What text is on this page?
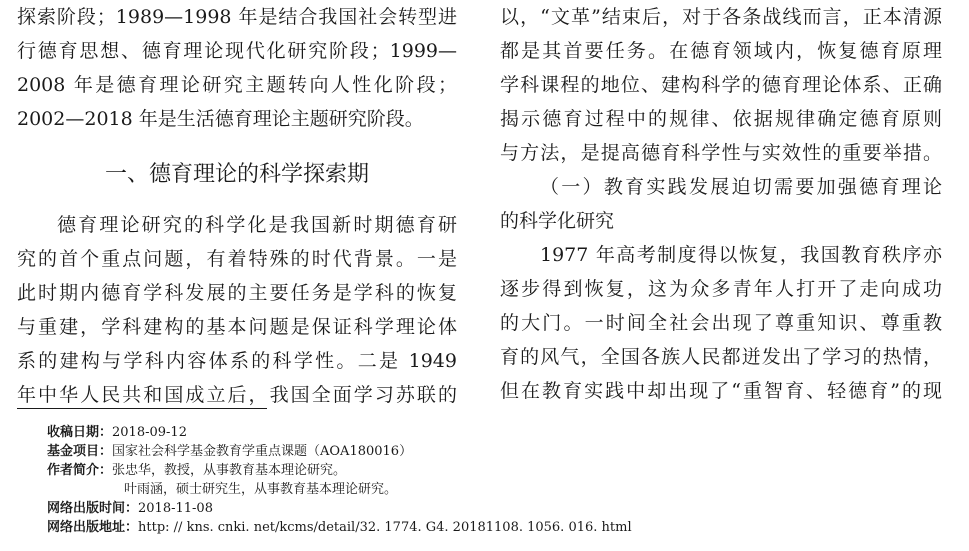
探索阶段；1989—1998 年是结合我国社会转型进
行德育思想、德育理论现代化研究阶段；1999—
2008 年是德育理论研究主题转向人性化阶段；
2002—2018 年是生活德育理论主题研究阶段。
一、德育理论的科学探索期
德育理论研究的科学化是我国新时期德育研
究的首个重点问题，有着特殊的时代背景。一是
此时期内德育学科发展的主要任务是学科的恢复
与重建，学科建构的基本问题是保证科学理论体
系的建构与学科内容体系的科学性。二是 1949
年中华人民共和国成立后，我国全面学习苏联的
以，“文革”结束后，对于各条战线而言，正本清源
都是其首要任务。在德育领域内，恢复德育原理
学科课程的地位、建构科学的德育理论体系、正确
揭示德育过程中的规律、依据规律确定德育原则
与方法，是提高德育科学性与实效性的重要举措。
（一）教育实践发展迫切需要加强德育理论
的科学化研究
1977 年高考制度得以恢复，我国教育秩序亦
逐步得到恢复，这为众多青年人打开了走向成功
的大门。一时间全社会出现了尊重知识、尊重教
育的风气，全国各族人民都迸发出了学习的热情，
但在教育实践中却出现了“重智育、轻德育”的现
收稿日期： 2018-09-12
基金项目： 国家社会科学基金教育学重点课题（AOA180016）
作者简介： 张忠华，教授，从事教育基本理论研究。
叶雨涵，硕士研究生，从事教育基本理论研究。
网络出版时间： 2018-11-08
网络出版地址： http: // kns. cnki. net/kcms/detail/32. 1774. G4. 20181108. 1056. 016. html
